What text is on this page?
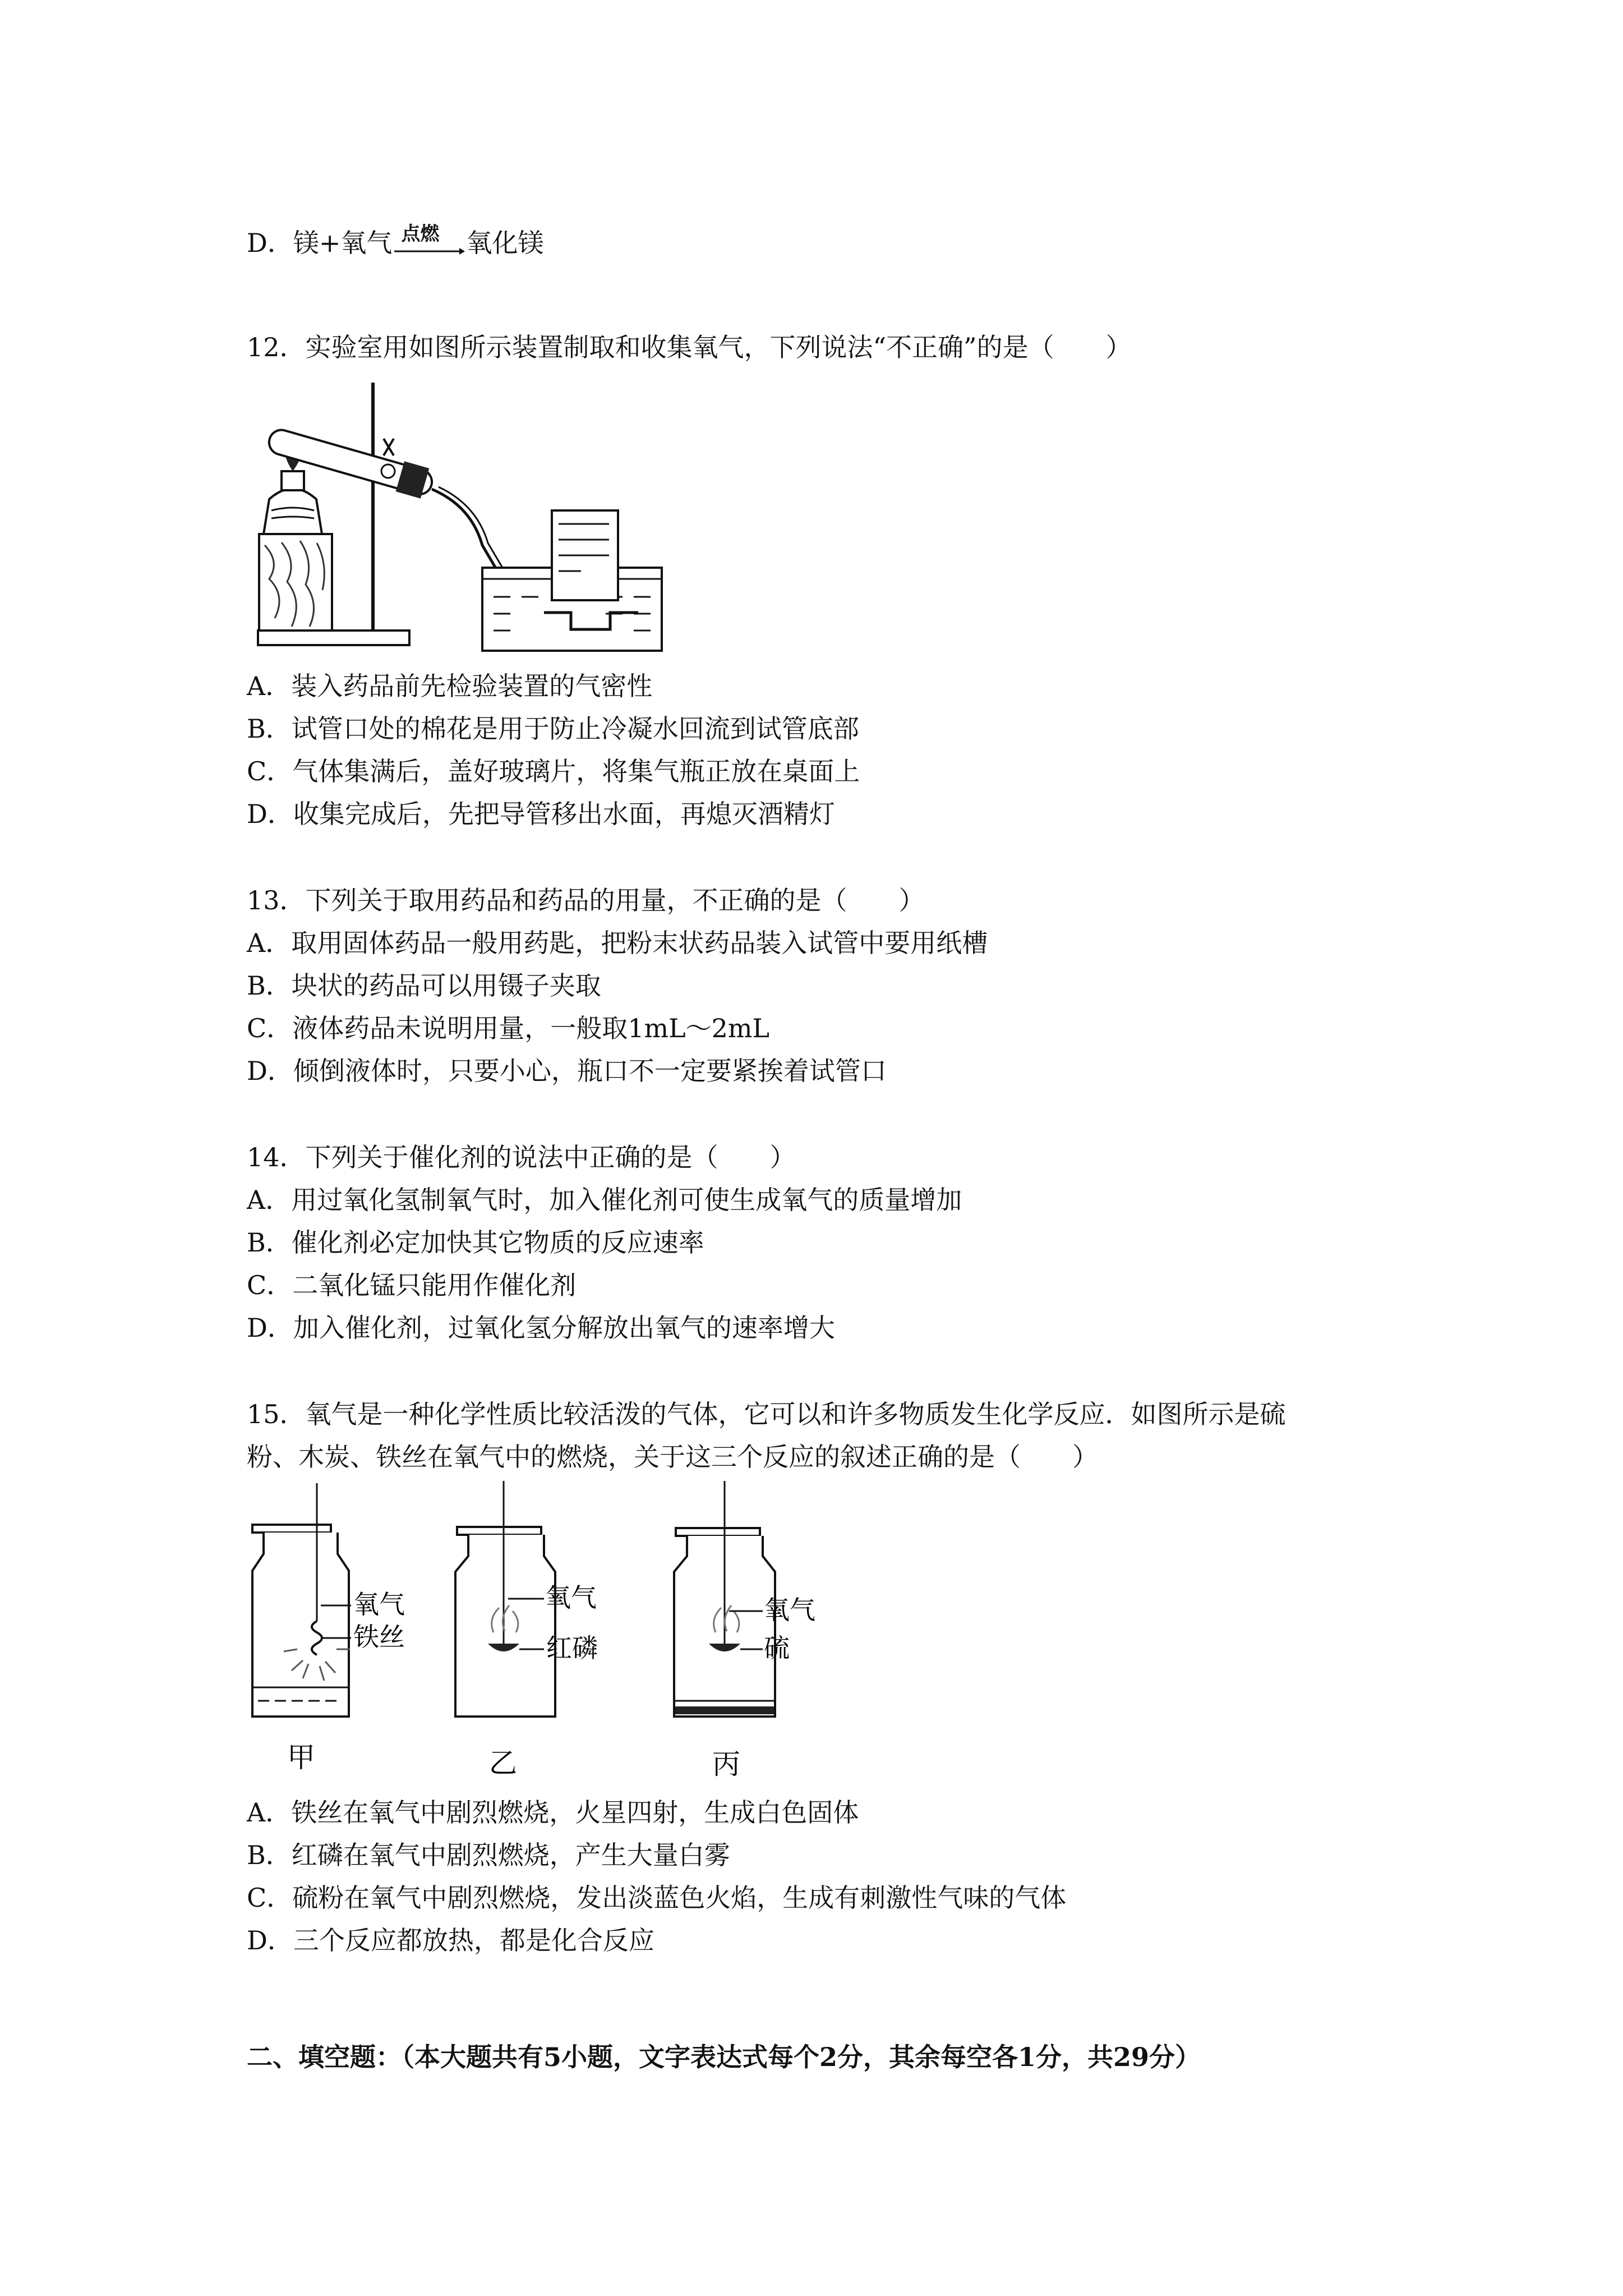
D．镁+氧气 点燃 氧化镁
12．实验室用如图所示装置制取和收集氧气，下列说法“不正确”的是（　　）
A．装入药品前先检验装置的气密性
B．试管口处的棉花是用于防止冷凝水回流到试管底部
C．气体集满后，盖好玻璃片，将集气瓶正放在桌面上
D．收集完成后，先把导管移出水面，再熄灭酒精灯
13．下列关于取用药品和药品的用量，不正确的是（　　）
A．取用固体药品一般用药匙，把粉末状药品装入试管中要用纸槽
B．块状的药品可以用镊子夹取
C．液体药品未说明用量，一般取1mL～2mL
D．倾倒液体时，只要小心，瓶口不一定要紧挨着试管口
14．下列关于催化剂的说法中正确的是（　　）
A．用过氧化氢制氧气时，加入催化剂可使生成氧气的质量增加
B．催化剂必定加快其它物质的反应速率
C．二氧化锰只能用作催化剂
D．加入催化剂，过氧化氢分解放出氧气的速率增大
15．氧气是一种化学性质比较活泼的气体，它可以和许多物质发生化学反应．如图所示是硫
粉、木炭、铁丝在氧气中的燃烧，关于这三个反应的叙述正确的是（　　）
氧气
铁丝
甲
氧气
红磷
乙
氧气
硫
丙
A．铁丝在氧气中剧烈燃烧，火星四射，生成白色固体
B．红磷在氧气中剧烈燃烧，产生大量白雾
C．硫粉在氧气中剧烈燃烧，发出淡蓝色火焰，生成有刺激性气味的气体
D．三个反应都放热，都是化合反应
二、填空题：（本大题共有5小题，文字表达式每个2分，其余每空各1分，共29分）
